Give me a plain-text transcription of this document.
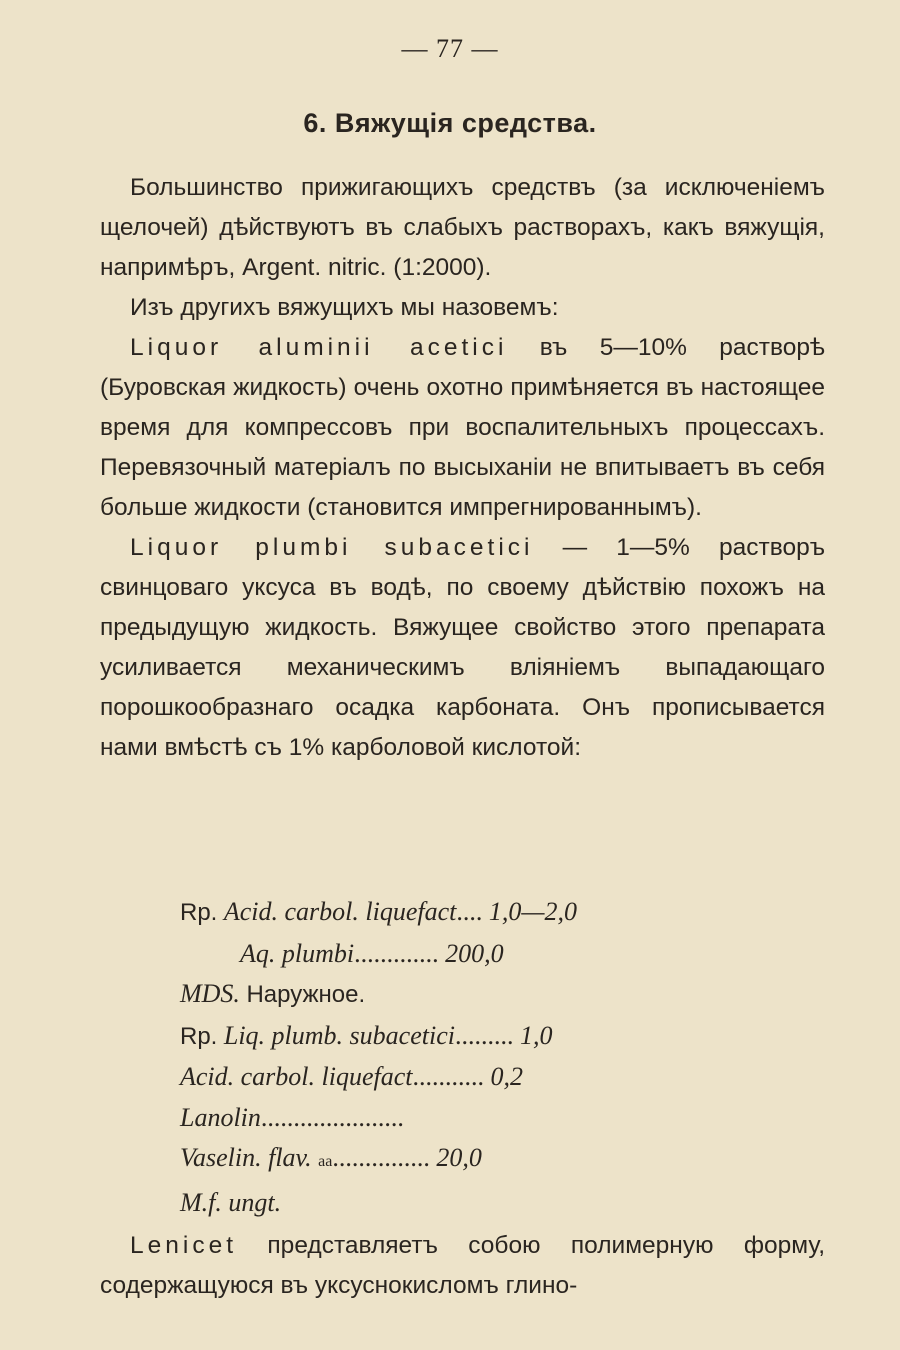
— 77 —
6. Вяжущія средства.

Большинство прижигающихъ средствъ (за исключеніемъ щелочей) дѣйствуютъ въ слабыхъ растворахъ, какъ вяжущія, напримѣръ, Argent. nitric. (1:2000).

Изъ другихъ вяжущихъ мы назовемъ:

Liquor aluminii acetici въ 5—10% растворѣ (Буровская жидкость) очень охотно примѣняется въ настоящее время для компрессовъ при воспалительныхъ процессахъ. Перевязочный матеріалъ по высыханіи не впитываетъ въ себя больше жидкости (становится импрегнированнымъ).

Liquor plumbi subacetici — 1—5% растворъ свинцоваго уксуса въ водѣ, по своему дѣйствію похожъ на предыдущую жидкость. Вяжущее свойство этого препарата усиливается механическимъ вліяніемъ выпадающаго порошкообразнаго осадка карбоната. Онъ прописывается нами вмѣстѣ съ 1% карболовой кислотой:

Rp. Acid. carbol. liquefact.... 1,0—2,0
Aq. plumbi............. 200,0
MDS. Наружное.
Rp. Liq. plumb. subacetici......... 1,0
Acid. carbol. liquefact........... 0,2
Lanolin......................
Vaselin. flav. aa............... 20,0
M.f. ungt.

Lenicet представляетъ собою полимерную форму, содержащуюся въ уксуснокисломъ глино-
